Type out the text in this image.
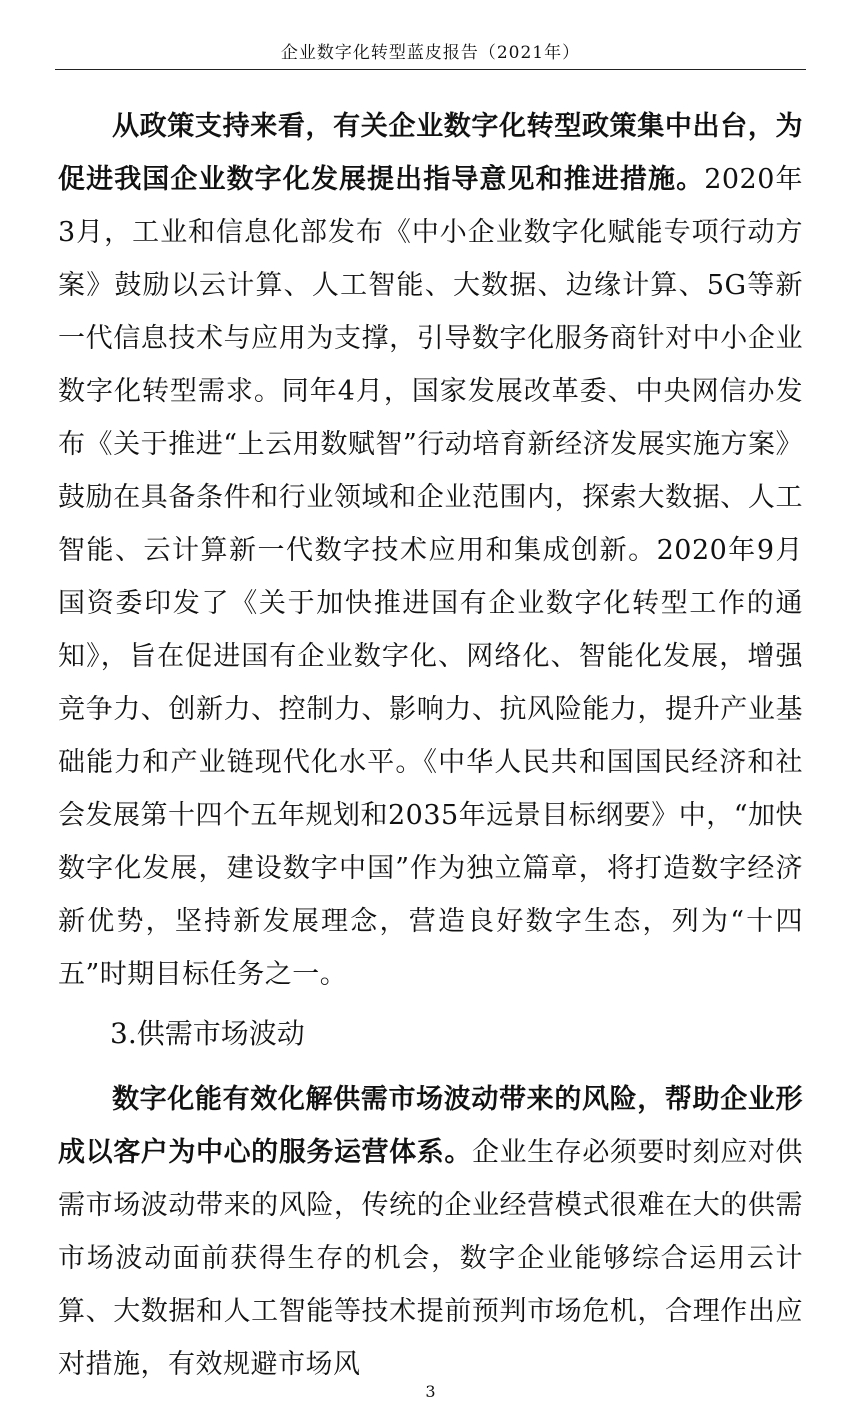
企业数字化转型蓝皮报告（2021年）

从政策支持来看，有关企业数字化转型政策集中出台，为促进我国企业数字化发展提出指导意见和推进措施。2020年3月，工业和信息化部发布《中小企业数字化赋能专项行动方案》鼓励以云计算、人工智能、大数据、边缘计算、5G等新一代信息技术与应用为支撑，引导数字化服务商针对中小企业数字化转型需求。同年4月，国家发展改革委、中央网信办发布《关于推进“上云用数赋智”行动培育新经济发展实施方案》鼓励在具备条件和行业领域和企业范围内，探索大数据、人工智能、云计算新一代数字技术应用和集成创新。2020年9月国资委印发了《关于加快推进国有企业数字化转型工作的通知》，旨在促进国有企业数字化、网络化、智能化发展，增强竞争力、创新力、控制力、影响力、抗风险能力，提升产业基础能力和产业链现代化水平。《中华人民共和国国民经济和社会发展第十四个五年规划和2035年远景目标纲要》中，“加快数字化发展，建设数字中国”作为独立篇章，将打造数字经济新优势，坚持新发展理念，营造良好数字生态，列为“十四五”时期目标任务之一。

3.供需市场波动

数字化能有效化解供需市场波动带来的风险，帮助企业形成以客户为中心的服务运营体系。企业生存必须要时刻应对供需市场波动带来的风险，传统的企业经营模式很难在大的供需市场波动面前获得生存的机会，数字企业能够综合运用云计算、大数据和人工智能等技术提前预判市场危机，合理作出应对措施，有效规避市场风

3
